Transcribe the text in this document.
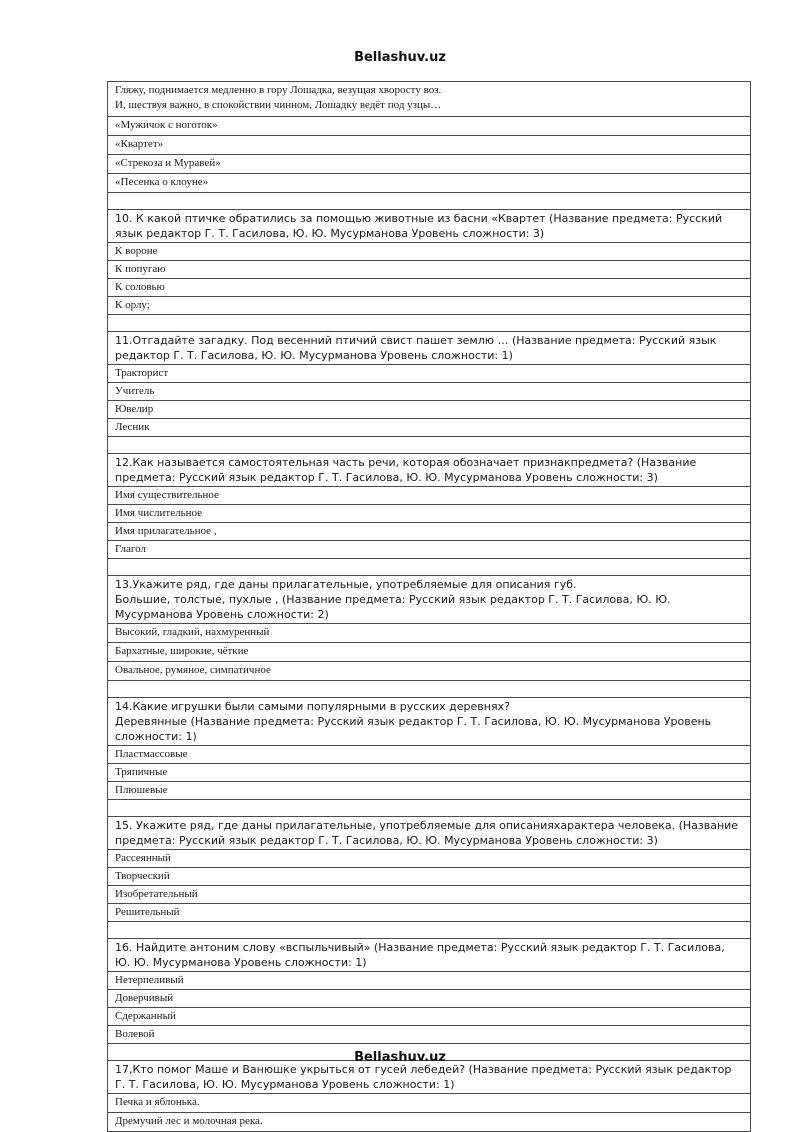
Bellashuv.uz
Гляжу, поднимается медленно в гору Лошадка, везущая хворосту воз.
И, шествуя важно, в спокойствии чинном, Лошадку ведёт под узцы…

«Мужичок с ноготок»
«Квартет»
«Стрекоза и Муравей»
«Песенка о клоуне»

10. К какой птичке обратились за помощью животные из басни «Квартет (Название предмета: Русский язык редактор Г. Т. Гасилова, Ю. Ю. Мусурманова Уровень сложности: 3)
К вороне
К попугаю
К соловью
К орлу;

11.Отгадайте загадку. Под весенний птичий свист пашет землю … (Название предмета: Русский язык редактор Г. Т. Гасилова, Ю. Ю. Мусурманова Уровень сложности: 1)
Тракторист
Учитель
Ювелир
Лесник

12.Как называется самостоятельная часть речи, которая обозначает признакпредмета? (Название предмета: Русский язык редактор Г. Т. Гасилова, Ю. Ю. Мусурманова Уровень сложности: 3)
Имя существительное
Имя числительное
Имя прилагательное ,
Глагол

13.Укажите ряд, где даны прилагательные, употребляемые для описания губ.
Большие, толстые, пухлые , (Название предмета: Русский язык редактор Г. Т. Гасилова, Ю. Ю. Мусурманова Уровень сложности: 2)

Высокий, гладкий, нахмуренный
Бархатные, широкие, чёткие
Овальное, румяное, симпатичное

14.Какие игрушки были самыми популярными в русских деревнях?
Деревянные (Название предмета: Русский язык редактор Г. Т. Гасилова, Ю. Ю. Мусурманова Уровень сложности: 1)

Пластмассовые
Тряпичные
Плюшевые

15. Укажите ряд, где даны прилагательные, употребляемые для описанияхарактера человека. (Название предмета: Русский язык редактор Г. Т. Гасилова, Ю. Ю. Мусурманова Уровень сложности: 3)
Рассеянный
Творческий
Изобретательный
Решительный

16. Найдите антоним слову «вспыльчивый» (Название предмета: Русский язык редактор Г. Т. Гасилова, Ю. Ю. Мусурманова Уровень сложности: 1)
Нетерпеливый
Доверчивый
Сдержанный
Волевой

17,Кто помог Маше и Ванюшке укрыться от гусей лебедей? (Название предмета: Русский язык редактор Г. Т. Гасилова, Ю. Ю. Мусурманова Уровень сложности: 1)
Печка и яблонька.
Дремучий лес и молочная река.
Bellashuv.uz
